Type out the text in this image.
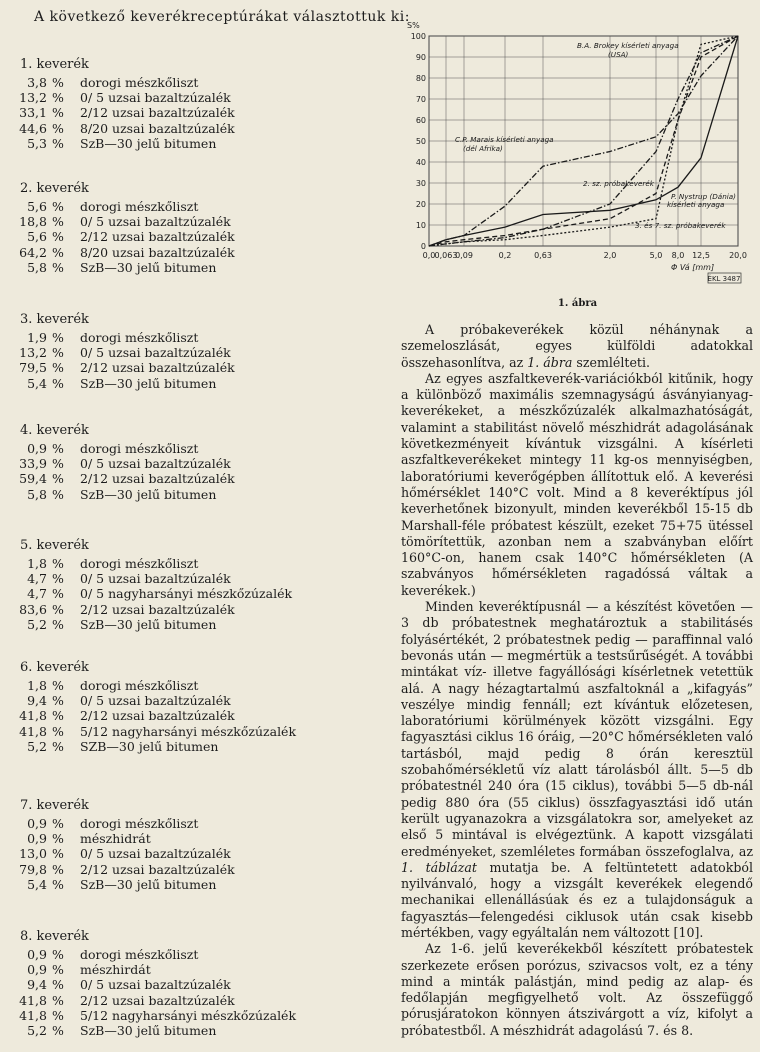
A következő keverékreceptúrákat választottuk ki:
1. keverék
3,8 % dorogi mészkőliszt
13,2 % 0/ 5 uzsai bazaltzúzalék
33,1 % 2/12 uzsai bazaltzúzalék
44,6 % 8/20 uzsai bazaltzúzalék
5,3 % SzB—30 jelű bitumen
2. keverék
5,6 % dorogi mészkőliszt
18,8 % 0/ 5 uzsai bazaltzúzalék
5,6 % 2/12 uzsai bazaltzúzalék
64,2 % 8/20 uzsai bazaltzúzalék
5,8 % SzB—30 jelű bitumen
3. keverék
1,9 % dorogi mészkőliszt
13,2 % 0/ 5 uzsai bazaltzúzalék
79,5 % 2/12 uzsai bazaltzúzalék
5,4 % SzB—30 jelű bitumen
4. keverék
0,9 % dorogi mészkőliszt
33,9 % 0/ 5 uzsai bazaltzúzalék
59,4 % 2/12 uzsai bazaltzúzalék
5,8 % SzB—30 jelű bitumen
5. keverék
1,8 % dorogi mészkőliszt
4,7 % 0/ 5 uzsai bazaltzúzalék
4,7 % 0/ 5 nagyharsányi mészkőzúzalék
83,6 % 2/12 uzsai bazaltzúzalék
5,2 % SzB—30 jelű bitumen
6. keverék
1,8 % dorogi mészkőliszt
9,4 % 0/ 5 uzsai bazaltzúzalék
41,8 % 2/12 uzsai bazaltzúzalék
41,8 % 5/12 nagyharsányi mészkőzúzalék
5,2 % SZB—30 jelű bitumen
7. keverék
0,9 % dorogi mészkőliszt
0,9 % mészhidrát
13,0 % 0/ 5 uzsai bazaltzúzalék
79,8 % 2/12 uzsai bazaltzúzalék
5,4 % SzB—30 jelű bitumen
8. keverék
0,9 % dorogi mészkőliszt
0,9 % mészhirdát
9,4 % 0/ 5 uzsai bazaltzúzalék
41,8 % 2/12 uzsai bazaltzúzalék
41,8 % 5/12 nagyharsányi mészkőzúzalék
5,2 % SzB—30 jelű bitumen
0
10
20
30
40
50
60
70
80
90
100
0,0 0,063
0,09	0,2	0,63	2,0	5,0 8,0 12,5 20,0
S%
Φ Vá [mm]
B.A. Brokey kísérleti anyaga
(USA)
C.P. Marais kísérleti anyaga
(dél Afrika)
2. sz. próbakeverék
P. Nystrup (Dánia)
kísérleti anyaga
3. és 7. sz. próbakeverék
ÉKL 3487
1. ábra

A próbakeverékek közül néhánynak a szemeloszlását, egyes külföldi adatokkal összehasonlítva, az 1. ábra szemlélteti.

Az egyes aszfaltkeverék-variációkból kitűnik, hogy a különböző maximális szemnagyságú ásványianyag-keverékeket, a mészkőzúzalék alkalmazhatóságát, valamint a stabilitást növelő mészhidrát adagolásának következményeit kívántuk vizsgálni. A kísérleti aszfaltkeverékeket mintegy 11 kg-os mennyiségben, laboratóriumi keverőgépben állítottuk elő. A keverési hőmérséklet 140°C volt. Mind a 8 keveréktípus jól keverhetőnek bizonyult, minden keverékből 15-15 db Marshall-féle próbatest készült, ezeket 75+75 ütéssel tömörítettük, azonban nem a szabványban előírt 160°C-on, hanem csak 140°C hőmérsékleten (A szabványos hőmérsékleten ragadóssá váltak a keverékek.)

Minden keveréktípusnál — a készítést követően — 3 db próbatestnek meghatároztuk a stabilitásés folyásértékét, 2 próbatestnek pedig — paraffinnal való bevonás után — megmértük a testsűrűségét. A további mintákat víz- illetve fagyállósági kísérletnek vetettük alá. A nagy hézagtartalmú aszfaltoknál a „kifagyás” veszélye mindig fennáll; ezt kívántuk előzetesen, laboratóriumi körülmények között vizsgálni. Egy fagyasztási ciklus 16 óráig, —20°C hőmérsékleten való tartásból, majd pedig 8 órán keresztül szobahőmérsékletű víz alatt tárolásból állt. 5—5 db próbatestnél 240 óra (15 ciklus), további 5—5 db-nál pedig 880 óra (55 ciklus) összfagyasztási idő után került ugyanazokra a vizsgálatokra sor, amelyeket az első 5 mintával is elvégeztünk. A kapott vizsgálati eredményeket, szemléletes formában összefoglalva, az 1. táblázat mutatja be. A feltüntetett adatokból nyilvánvaló, hogy a vizsgált keverékek elegendő mechanikai ellenállásúak és ez a tulajdonságuk a fagyasztás—felengedési ciklusok után csak kisebb mértékben, vagy egyáltalán nem változott [10].

Az 1-6. jelű keverékekből készített próbatestek szerkezete erősen porózus, szivacsos volt, ez a tény mind a minták palástján, mind pedig az alap- és fedőlapján megfigyelhető volt. Az összefüggő pórusjáratokon könnyen átszivárgott a víz, kifolyt a próbatestből. A mészhidrát adagolású 7. és 8.
